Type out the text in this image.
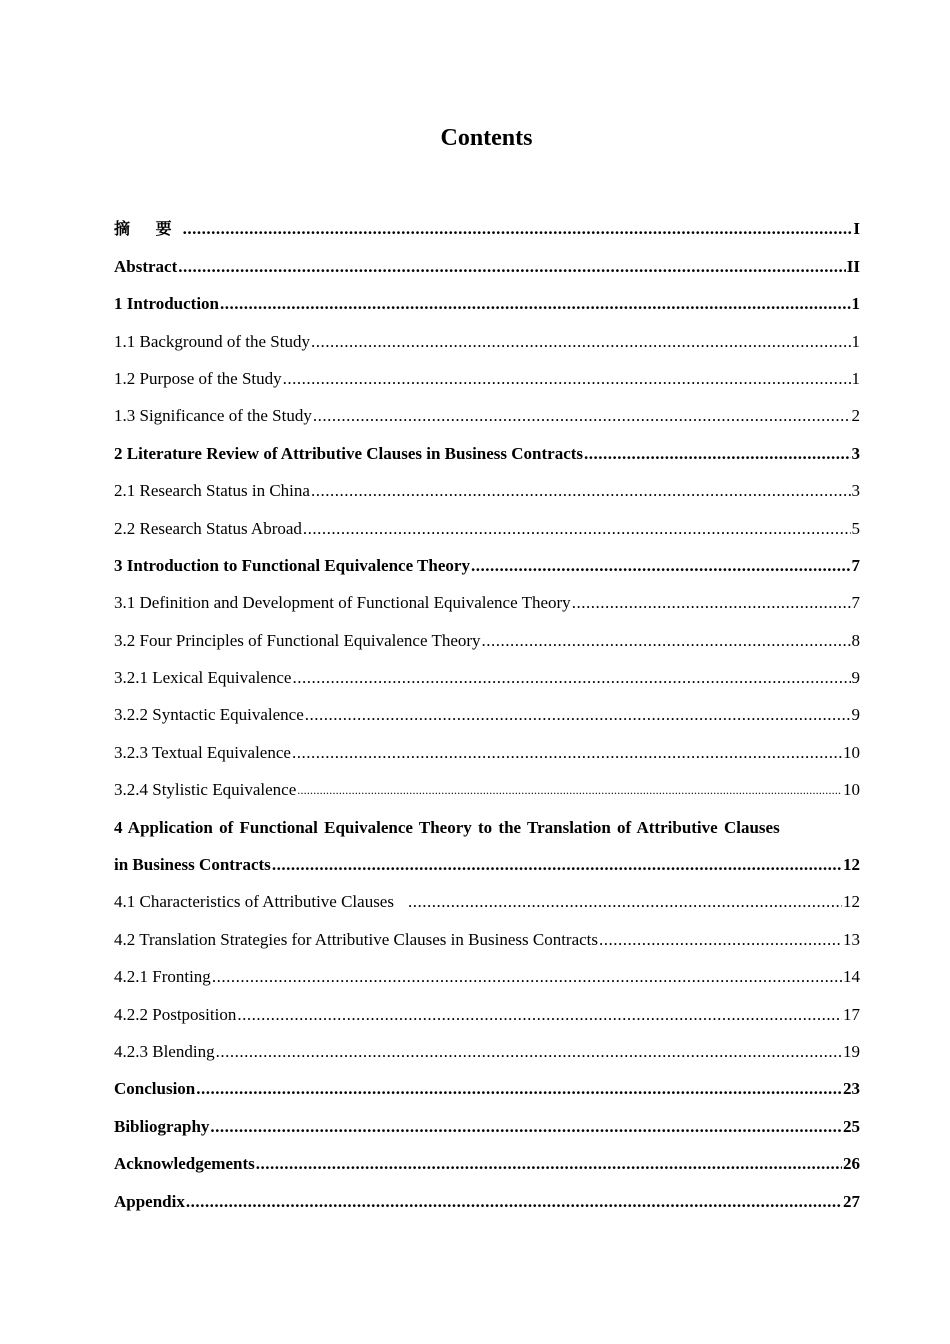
Contents
摘 要 .....	I
Abstract .....	II
1 Introduction .....	1
1.1 Background of the Study .....	1
1.2 Purpose of the Study .....	1
1.3 Significance of the Study .....	2
2 Literature Review of Attributive Clauses in Business Contracts .....	3
2.1 Research Status in China .....	3
2.2 Research Status Abroad .....	5
3 Introduction to Functional Equivalence Theory .....	7
3.1 Definition and Development of Functional Equivalence Theory .....	7
3.2 Four Principles of Functional Equivalence Theory .....	8
3.2.1 Lexical Equivalence .....	9
3.2.2 Syntactic Equivalence .....	9
3.2.3 Textual Equivalence .....	10
3.2.4 Stylistic Equivalence .....	10
4 Application of Functional Equivalence Theory to the Translation of Attributive Clauses
in Business Contracts .....	12
4.1 Characteristics of Attributive Clauses .....	12
4.2 Translation Strategies for Attributive Clauses in Business Contracts .....	13
4.2.1 Fronting .....	14
4.2.2 Postposition .....	17
4.2.3 Blending .....	19
Conclusion .....	23
Bibliography .....	25
Acknowledgements .....	26
Appendix .....	27
